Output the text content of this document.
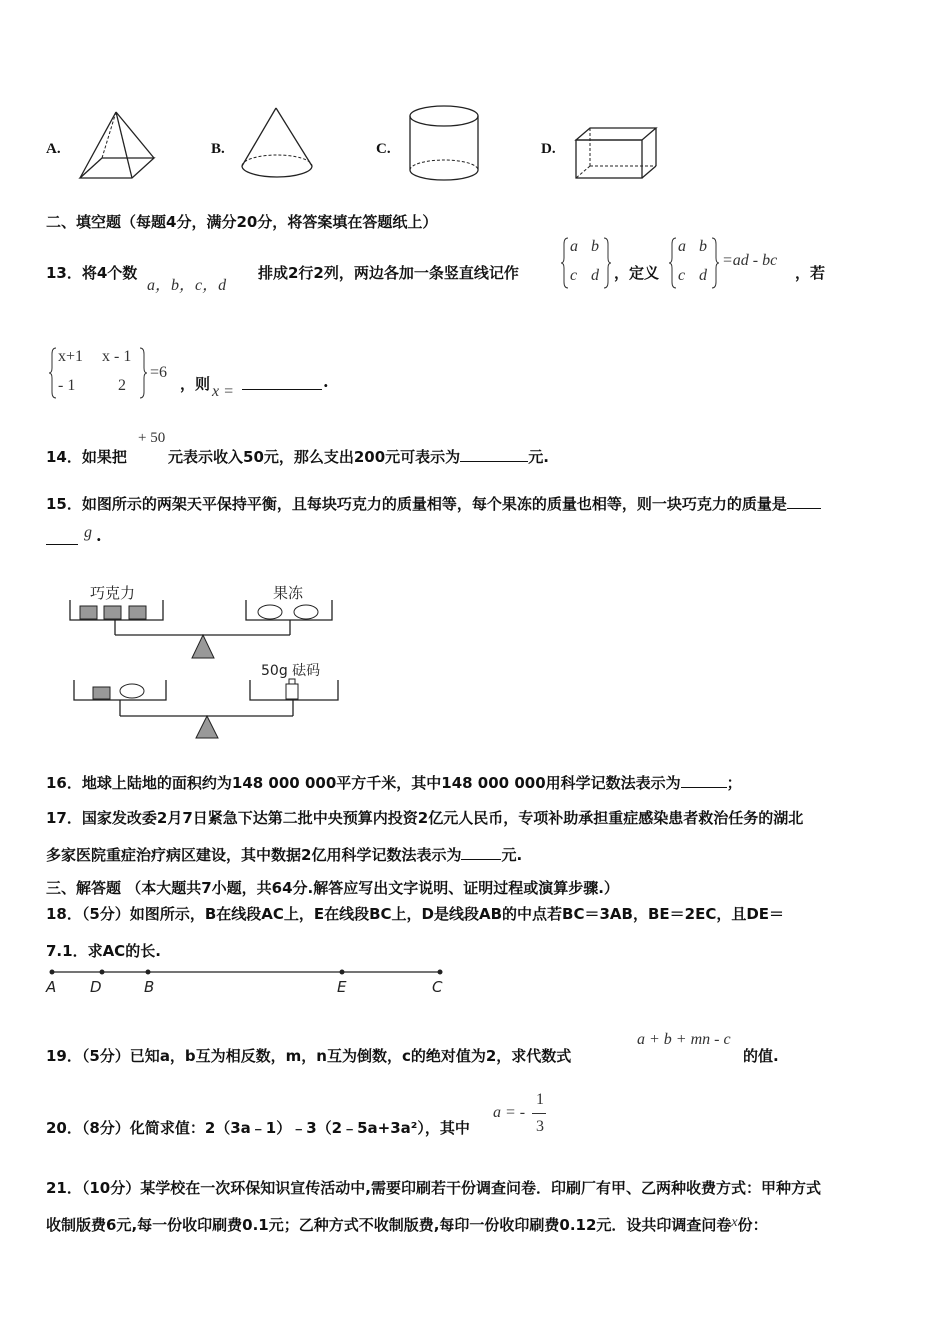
A.	B.	C.	D.
二、填空题（每题4分，满分20分，将答案填在答题纸上）
13．将4个数
a，b，c，d
排成2行2列，两边各加一条竖直线记作
a b
c d ，定义
a b
c d
=ad - bc
，若
x+1 x - 1
- 1	2
=6
，则 x =
.
14．如果把
+ 50
元表示收入50元，那么支出200元可表示为	元.
15．如图所示的两架天平保持平衡，且每块巧克力的质量相等，每个果冻的质量也相等，则一块巧克力的质量是
g .
巧克力	果冻
50g 砝码
16．地球上陆地的面积约为148 000 000平方千米，其中148 000 000用科学记数法表示为	；
17．国家发改委2月7日紧急下达第二批中央预算内投资2亿元人民币，专项补助承担重症感染患者救治任务的湖北
多家医院重症治疗病区建设，其中数据2亿用科学记数法表示为	元.
三、解答题 （本大题共7小题，共64分.解答应写出文字说明、证明过程或演算步骤.）
18．（5分）如图所示，B在线段AC上，E在线段BC上，D是线段AB的中点若BC＝3AB，BE＝2EC，且DE＝
7.1．求AC的长.
A D	B	E	C
19．（5分）已知a，b互为相反数，m，n互为倒数，c的绝对值为2，求代数式
a + b + mn - c
的值.
20．（8分）化简求值：2（3a﹣1）﹣3（2﹣5a+3a²），其中
a = -
1
3
21．（10分）某学校在一次环保知识宣传活动中,需要印刷若干份调查问卷．印刷厂有甲、乙两种收费方式：甲种方式
收制版费6元,每一份收印刷费0.1元；乙种方式不收制版费,每印一份收印刷费0.12元．设共印调查问卷x份：
